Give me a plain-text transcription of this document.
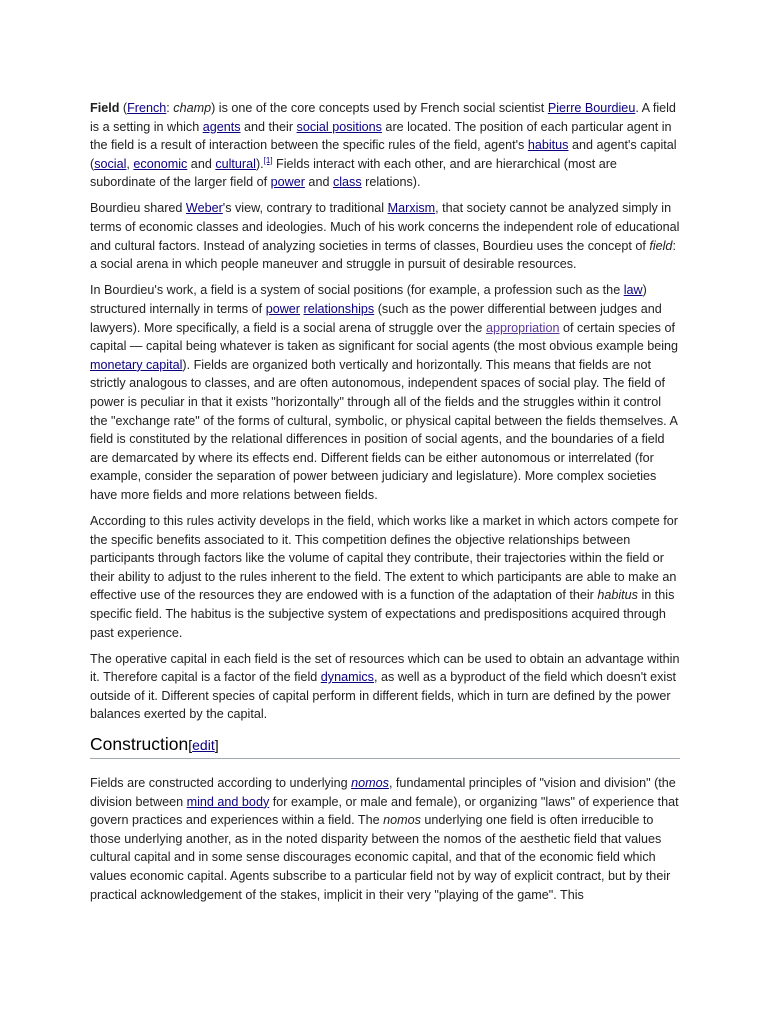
Field (French: champ) is one of the core concepts used by French social scientist Pierre Bourdieu. A field is a setting in which agents and their social positions are located. The position of each particular agent in the field is a result of interaction between the specific rules of the field, agent's habitus and agent's capital (social, economic and cultural).[1] Fields interact with each other, and are hierarchical (most are subordinate of the larger field of power and class relations).

Bourdieu shared Weber's view, contrary to traditional Marxism, that society cannot be analyzed simply in terms of economic classes and ideologies. Much of his work concerns the independent role of educational and cultural factors. Instead of analyzing societies in terms of classes, Bourdieu uses the concept of field: a social arena in which people maneuver and struggle in pursuit of desirable resources.

In Bourdieu's work, a field is a system of social positions (for example, a profession such as the law) structured internally in terms of power relationships (such as the power differential between judges and lawyers). More specifically, a field is a social arena of struggle over the appropriation of certain species of capital — capital being whatever is taken as significant for social agents (the most obvious example being monetary capital). Fields are organized both vertically and horizontally. This means that fields are not strictly analogous to classes, and are often autonomous, independent spaces of social play. The field of power is peculiar in that it exists "horizontally" through all of the fields and the struggles within it control the "exchange rate" of the forms of cultural, symbolic, or physical capital between the fields themselves. A field is constituted by the relational differences in position of social agents, and the boundaries of a field are demarcated by where its effects end. Different fields can be either autonomous or interrelated (for example, consider the separation of power between judiciary and legislature). More complex societies have more fields and more relations between fields.

According to this rules activity develops in the field, which works like a market in which actors compete for the specific benefits associated to it. This competition defines the objective relationships between participants through factors like the volume of capital they contribute, their trajectories within the field or their ability to adjust to the rules inherent to the field. The extent to which participants are able to make an effective use of the resources they are endowed with is a function of the adaptation of their habitus in this specific field. The habitus is the subjective system of expectations and predispositions acquired through past experience.

The operative capital in each field is the set of resources which can be used to obtain an advantage within it. Therefore capital is a factor of the field dynamics, as well as a byproduct of the field which doesn't exist outside of it. Different species of capital perform in different fields, which in turn are defined by the power balances exerted by the capital.

Construction[edit]

Fields are constructed according to underlying nomos, fundamental principles of "vision and division" (the division between mind and body for example, or male and female), or organizing "laws" of experience that govern practices and experiences within a field. The nomos underlying one field is often irreducible to those underlying another, as in the noted disparity between the nomos of the aesthetic field that values cultural capital and in some sense discourages economic capital, and that of the economic field which values economic capital. Agents subscribe to a particular field not by way of explicit contract, but by their practical acknowledgement of the stakes, implicit in their very "playing of the game". This
